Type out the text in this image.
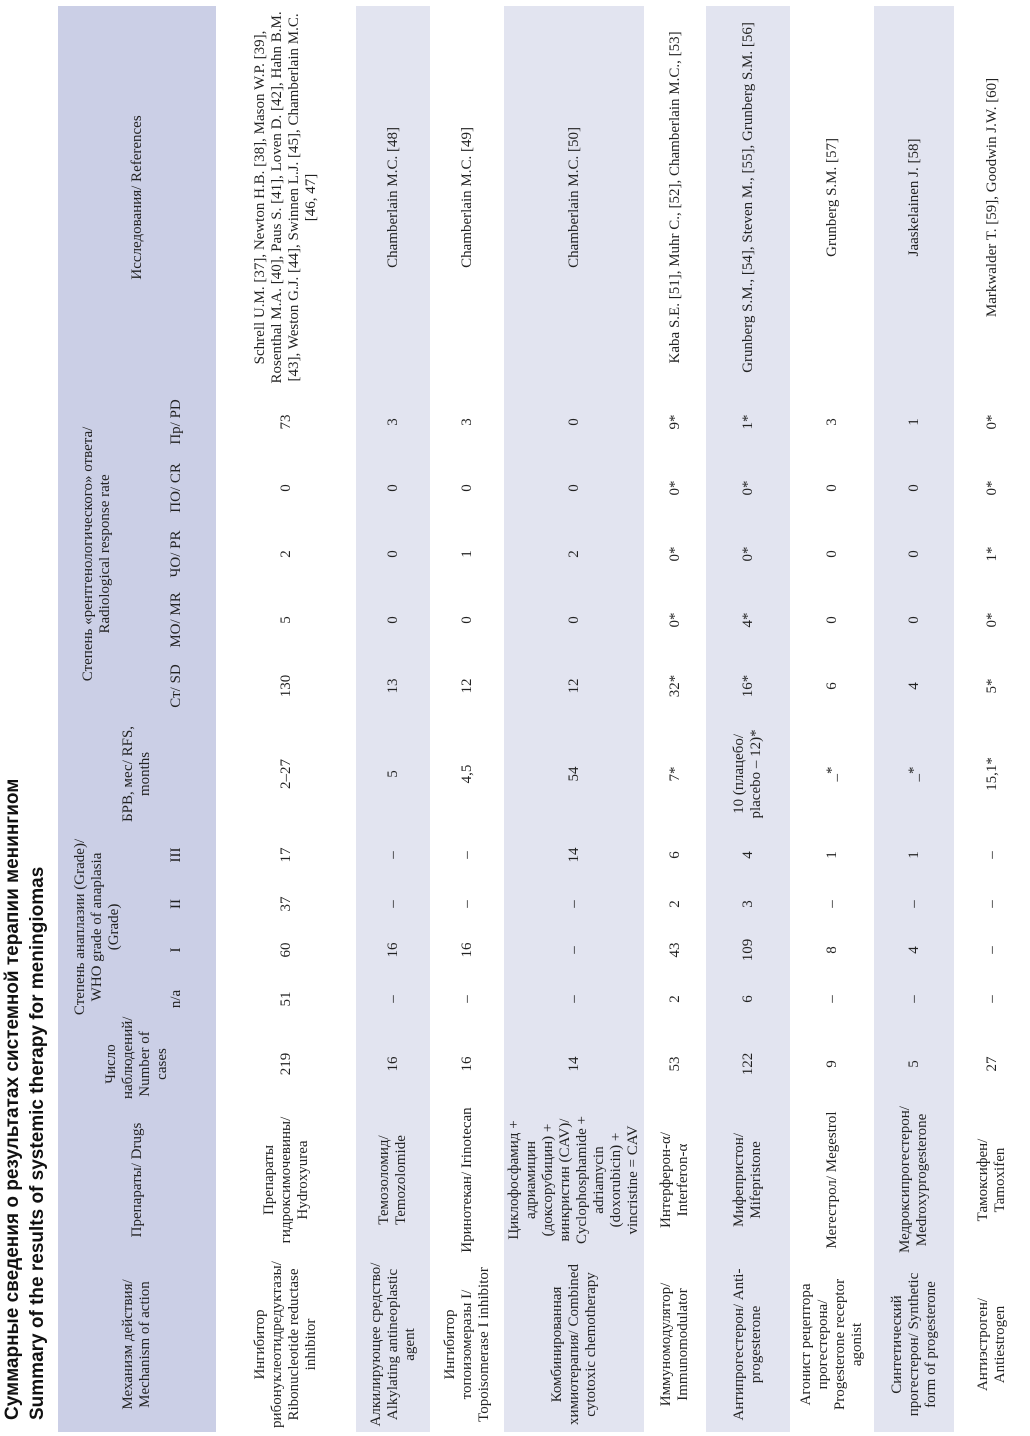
Суммарные сведения о результатах системной терапии менингиом Summary of the results of systemic therapy for meningiomas	Механизм действия/ Mechanism of action	Препараты/ Drugs	Число наблюдений/ Number of cases	Степень анаплазии (Grade)/ WHO grade of anaplasia (Grade)				БРВ, мес/ RFS, months	Степень «рентгенологического» ответа/ Radiological response rate					Исследования/ References
			n/a	I	II	III		Ст/ SD	МО/ MR	ЧО/ PR	ПО/ CR	Пр/ PD	
Ингибитор рибонуклеотидредуктазы/ Ribonucleotide reductase inhibitor	Препараты гидроксимочевины/ Hydroxyurea	219	51	60	37	17	2–27	130	5	2	0	73	Schrell U.M. [37], Newton H.B. [38], Mason W.P. [39], Rosenthal M.A. [40], Paus S. [41], Loven D. [42], Hahn B.M. [43], Weston G.J. [44], Swinnen L.J. [45], Chamberlain M.C. [46, 47]
Алкилирующее средство/ Alkylating antineoplastic agent	Темозоломид/ Temozolomide	16	–	16	–	–	5	13	0	0	0	3	Chamberlain M.C. [48]
Ингибитор топоизомеразы I/ Topoisomerase I inhibitor	Иринотекан/ Irinotecan	16	–	16	–	–	4,5	12	0	1	0	3	Chamberlain M.C. [49]
Комбинированная химиотерапия/ Combined cytotoxic chemotherapy	Циклофосфамид + адриамицин (доксорубицин) + винкристин (CAV)/ Cyclophosphamide + adriamycin (doxorubicin) + vincristine = CAV	14	–	–	–	14	54	12	0	2	0	0	Chamberlain M.C. [50]
Иммуномодулятор/ Immunomodulator	Интерферон-α/ Interferon-α	53	2	43	2	6	7*	32*	0*	0*	0*	9*	Kaba S.E. [51], Muhr C., [52], Chamberlain M.C., [53]
Антипрогестерон/ Anti-progesterone	Мифепристон/ Mifepristone	122	6	109	3	4	10 (плацебо/ placebo – 12)*	16*	4*	0*	0*	1*	Grunberg S.M., [54], Steven M., [55], Grunberg S.M. [56]
Агонист рецептора прогестерона/ Progesterone receptor agonist	Мегестрол/ Megestrol	9	–	8	–	1	_*	6	0	0	0	3	Grunberg S.M. [57]
Синтетический прогестерон/ Synthetic form of progesterone	Медроксипрогестерон/ Medroxyprogesterone	5	–	4	–	1	_*	4	0	0	0	1	Jaaskelainen J. [58]
Антиэстроген/ Antiestrogen	Тамоксифен/ Tamoxifen	27	–	–	–	–	15,1*	5*	0*	1*	0*	0*	Markwalder T. [59], Goodwin J.W. [60]
